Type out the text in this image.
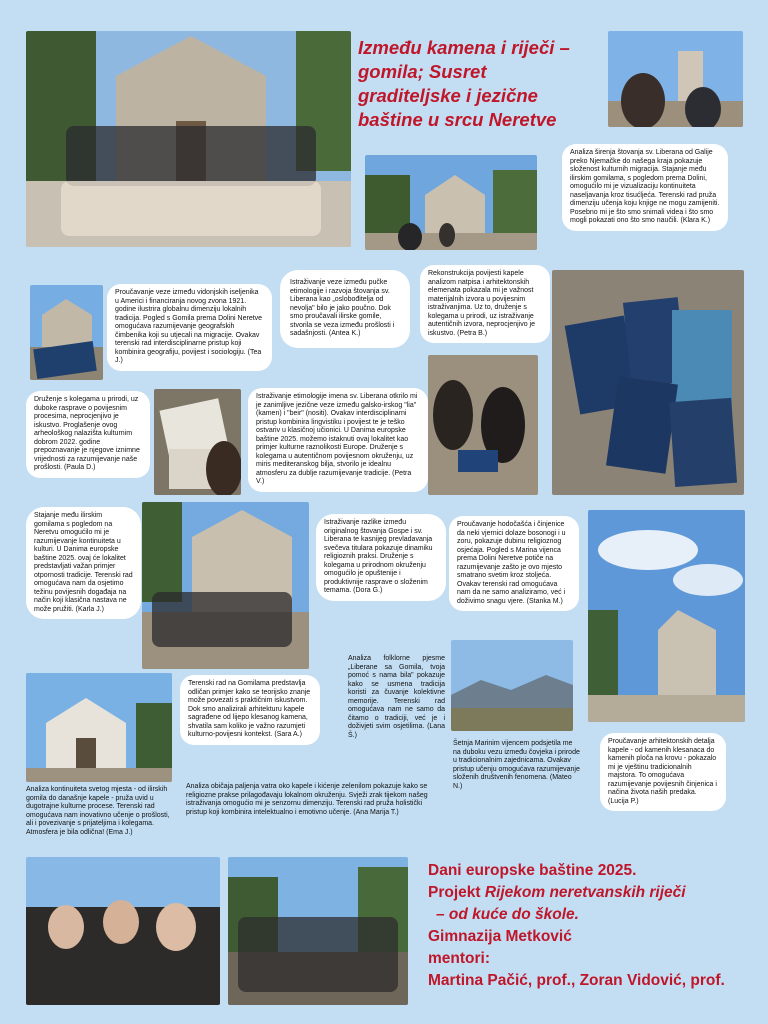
Između kamena i riječi –
gomila; Susret
graditeljske i jezične
baštine u srcu Neretve
Analiza širenja štovanja sv. Liberana od Galije preko Njemačke do našega kraja pokazuje složenost kulturnih migracija. Stajanje među ilirskim gomilama, s pogledom prema Dolini, omogućilo mi je vizualizaciju kontinuiteta naseljavanja kroz tisućljeća. Terenski rad pruža dimenziju učenja koju knjige ne mogu zamijeniti. Posebno mi je što smo snimali videa i što smo mogli pokazati ono što smo naučili. (Klara K.)
Proučavanje veze između vidonjskih iseljenika u Americi i financiranja novog zvona 1921. godine ilustrira globalnu dimenziju lokalnih tradicija. Pogled s Gomila prema Dolini Neretve omogućava razumijevanje geografskih čimbenika koji su utjecali na migracije. Ovakav terenski rad interdisciplinarne pristup koji kombinira geografiju, povijest i sociologiju. (Tea J.)
Istraživanje veze između pučke etimologije i razvoja štovanja sv. Liberana kao „oslobođitelja od nevolja" bilo je jako poučno. Dok smo proučavali ilirske gomile, stvorila se veza između prošlosti i sadašnjosti. (Antea K.)
Rekonstrukcija povijesti kapele analizom natpisa i arhitektonskih elemenata pokazala mi je važnost materijalnih izvora u povijesnim istraživanjima. Uz to, druženje s kolegama u prirodi, uz istraživanje autentičnih izvora, neprocjenjivo je iskustvo. (Petra B.)
Druženje s kolegama u prirodi, uz duboke rasprave o povijesnim procesima, neprocjenjivo je iskustvo. Proglašenje ovog arheološkog nalazišta kulturnim dobrom 2022. godine prepoznavanje je njegove iznimne vrijednosti za razumijevanje naše prošlosti. (Paula D.)
Istraživanje etimologije imena sv. Liberana otkrilo mi je zanimljive jezične veze između galsko-irskog "lia" (kamen) i "beir" (nositi). Ovakav interdisciplinarni pristup kombinira lingvistiku i povijest te je teško ostvariv u klasičnoj učionici. U Danima europske baštine 2025. možemo istaknuti ovaj lokalitet kao primjer kulturne raznolikosti Europe. Druženje s kolegama u autentičnom povijesnom okruženju, uz miris mediteranskog bilja, stvorilo je idealnu atmosferu za dublje razumijevanje tradicije. (Petra V.)
Stajanje među ilirskim gomilama s pogledom na Neretvu omogućilo mi je razumijevanje kontinuiteta u kulturi. U Danima europske baštine 2025. ovaj će lokalitet predstavljati važan primjer otpornosti tradicije. Terenski rad omogućava nam da osjetimo težinu povijesnih događaja na način koji klasična nastava ne može pružiti. (Karla J.)
Istraživanje razlike između originalnog štovanja Gospe i sv. Liberana te kasnijeg prevladavanja svečeva titulara pokazuje dinamiku religioznih praksi. Druženje s kolegama u prirodnom okruženju omogućilo je opuštenije i produktivnije rasprave o složenim temama. (Dora G.)
Proučavanje hodočašća i činjenice da neki vjernici dolaze bosonogi i u zoru, pokazuje dubinu religioznog osjećaja. Pogled s Marina vijenca prema Dolini Neretve potiče na razumijevanje zašto je ovo mjesto smatrano svetim kroz stoljeća. Ovakav terenski rad omogućava nam da ne samo analiziramo, već i doživimo snagu vjere. (Stanka M.)
Analiza folklorne pjesme „Liberane sa Gomila, tvoja pomoć s nama bila" pokazuje kako se usmena tradicija koristi za čuvanje kolektivne memorije. Terenski rad omogućava nam ne samo da čitamo o tradiciji, već je i doživjeti svim osjetilima. (Lana Š.)
Terenski rad na Gomilama predstavlja odličan primjer kako se teorijsko znanje može povezati s praktičnim iskustvom. Dok smo analizirali arhitekturu kapele sagrađene od lijepo klesanog kamena, shvatila sam koliko je važno razumjeti kulturno-povijesni kontekst. (Sara A.)
Analiza kontinuiteta svetog mjesta - od ilirskih gomila do današnje kapele - pruža uvid u dugotrajne kulturne procese. Terenski rad omogućava nam inovativno učenje o prošlosti, ali i povezivanje s prijateljima i kolegama. Atmosfera je bila odlična! (Ema J.)
Analiza običaja paljenja vatra oko kapele i kićenje zelenilom pokazuje kako se religiozne prakse prilagođavaju lokalnom okruženju. Svježi zrak tijekom našeg istraživanja omogućio mi je senzornu dimenziju. Terenski rad pruža holistički pristup koji kombinira intelektualno i emotivno učenje. (Ana Marija T.)
Šetnja Marinim vijencem podsjetila me na duboku vezu između čovjeka i prirode u tradicionalnim zajednicama. Ovakav pristup učenju omogućava razumijevanje složenih društvenih fenomena. (Mateo N.)
Proučavanje arhitektonskih detalja kapele - od kamenih klesanaca do kamenih ploča na krovu - pokazalo mi je vještinu tradicionalnih majstora. To omogućava razumijevanje povijesnih činjenica i načina života naših predaka. (Lucija P.)
Dani europske baštine 2025.
Projekt Rijekom neretvanskih riječi
– od kuće do škole.
Gimnazija Metković
mentori:
Martina Pačić, prof., Zoran Vidović, prof.
